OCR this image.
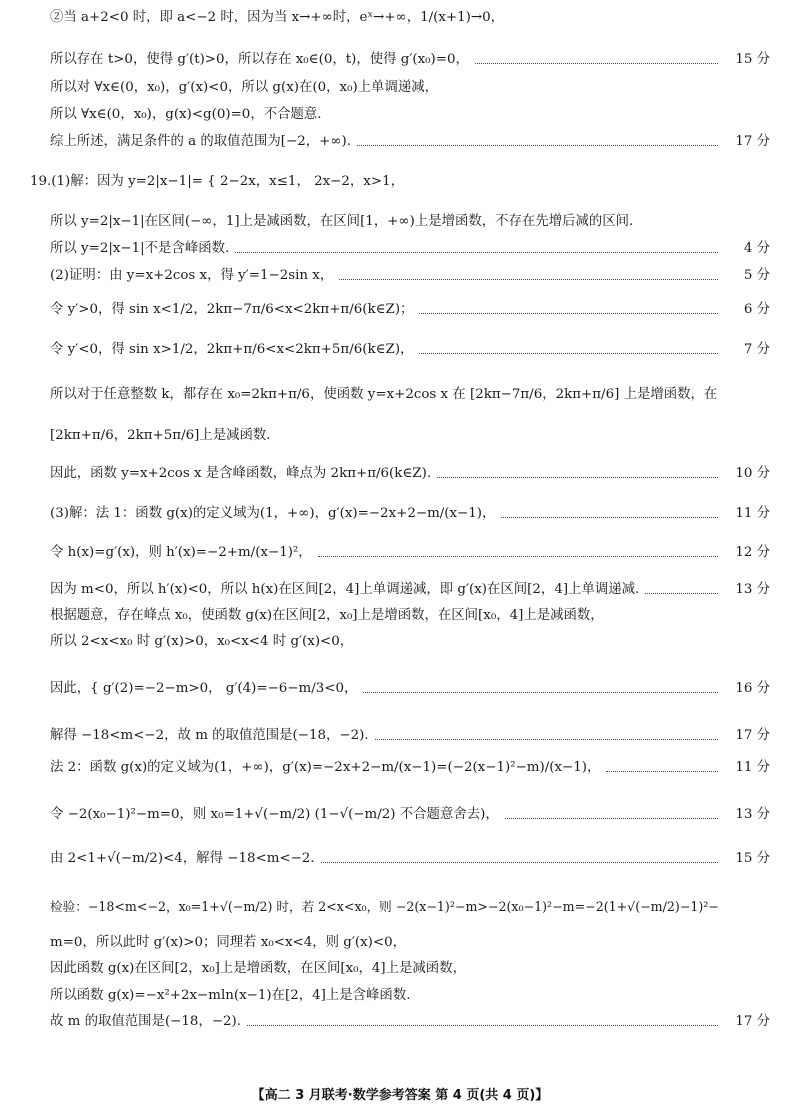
②当 a+2<0 时，即 a<−2 时，因为当 x→+∞时，eˣ→+∞，1/(x+1)→0，
所以存在 t>0，使得 g′(t)>0，所以存在 x₀∈(0，t)，使得 g′(x₀)=0，	15 分
所以对 ∀x∈(0，x₀)，g′(x)<0，所以 g(x)在(0，x₀)上单调递减，
所以 ∀x∈(0，x₀)，g(x)<g(0)=0，不合题意.
综上所述，满足条件的 a 的取值范围为[−2，+∞).	17 分
19.(1)解：因为 y=2|x−1|= { 2−2x，x≤1， 2x−2，x>1，
所以 y=2|x−1|在区间(−∞，1]上是减函数，在区间[1，+∞)上是增函数，不存在先增后减的区间.
所以 y=2|x−1|不是含峰函数.	4 分
(2)证明：由 y=x+2cos x，得 y′=1−2sin x，	5 分
令 y′>0，得 sin x<1/2，2kπ−7π/6<x<2kπ+π/6(k∈Z)；	6 分
令 y′<0，得 sin x>1/2，2kπ+π/6<x<2kπ+5π/6(k∈Z)，	7 分
所以对于任意整数 k，都存在 x₀=2kπ+π/6，使函数 y=x+2cos x 在 [2kπ−7π/6，2kπ+π/6] 上是增函数，在
[2kπ+π/6，2kπ+5π/6]上是减函数.
因此，函数 y=x+2cos x 是含峰函数，峰点为 2kπ+π/6(k∈Z).	10 分
(3)解：法 1：函数 g(x)的定义域为(1，+∞)，g′(x)=−2x+2−m/(x−1)，	11 分
令 h(x)=g′(x)，则 h′(x)=−2+m/(x−1)²，	12 分
因为 m<0，所以 h′(x)<0，所以 h(x)在区间[2，4]上单调递减，即 g′(x)在区间[2，4]上单调递减.	13 分
根据题意，存在峰点 x₀，使函数 g(x)在区间[2，x₀]上是增函数，在区间[x₀，4]上是减函数，
所以 2<x<x₀ 时 g′(x)>0，x₀<x<4 时 g′(x)<0，
因此，{ g′(2)=−2−m>0， g′(4)=−6−m/3<0，	16 分
解得 −18<m<−2，故 m 的取值范围是(−18，−2).	17 分
法 2：函数 g(x)的定义域为(1，+∞)，g′(x)=−2x+2−m/(x−1)=(−2(x−1)²−m)/(x−1)，	11 分
令 −2(x₀−1)²−m=0，则 x₀=1+√(−m/2) (1−√(−m/2) 不合题意舍去)，	13 分
由 2<1+√(−m/2)<4，解得 −18<m<−2.	15 分
检验：−18<m<−2，x₀=1+√(−m/2) 时，若 2<x<x₀，则 −2(x−1)²−m>−2(x₀−1)²−m=−2(1+√(−m/2)−1)²−
m=0，所以此时 g′(x)>0；同理若 x₀<x<4，则 g′(x)<0，
因此函数 g(x)在区间[2，x₀]上是增函数，在区间[x₀，4]上是减函数，
所以函数 g(x)=−x²+2x−mln(x−1)在[2，4]上是含峰函数.
故 m 的取值范围是(−18，−2).	17 分
【高二 3 月联考·数学参考答案 第 4 页(共 4 页)】
